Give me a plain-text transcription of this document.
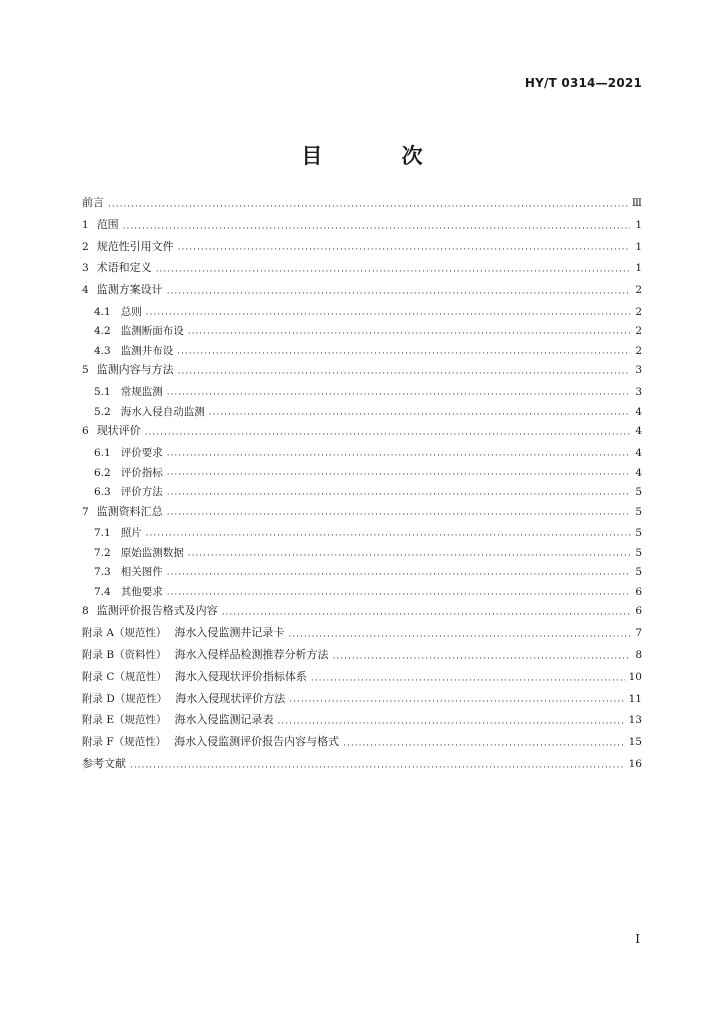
HY/T 0314—2021
目 次
前言 ·····	Ⅲ
1 范围 ·····	1
2 规范性引用文件 ·····	1
3 术语和定义 ·····	1
4 监测方案设计 ·····	2
4.1 总则 ·····	2
4.2 监测断面布设 ·····	2
4.3 监测井布设 ·····	2
5 监测内容与方法 ·····	3
5.1 常规监测 ·····	3
5.2 海水入侵自动监测 ·····	4
6 现状评价 ·····	4
6.1 评价要求 ·····	4
6.2 评价指标 ·····	4
6.3 评价方法 ·····	5
7 监测资料汇总 ·····	5
7.1 照片 ·····	5
7.2 原始监测数据 ·····	5
7.3 相关图件 ·····	5
7.4 其他要求 ·····	6
8 监测评价报告格式及内容 ·····	6
附录 A（规范性） 海水入侵监测井记录卡 ·····	7
附录 B（资料性） 海水入侵样品检测推荐分析方法 ·····	8
附录 C（规范性） 海水入侵现状评价指标体系 ·····	10
附录 D（规范性） 海水入侵现状评价方法 ·····	11
附录 E（规范性） 海水入侵监测记录表 ·····	13
附录 F（规范性） 海水入侵监测评价报告内容与格式 ·····	15
参考文献 ·····	16
I
